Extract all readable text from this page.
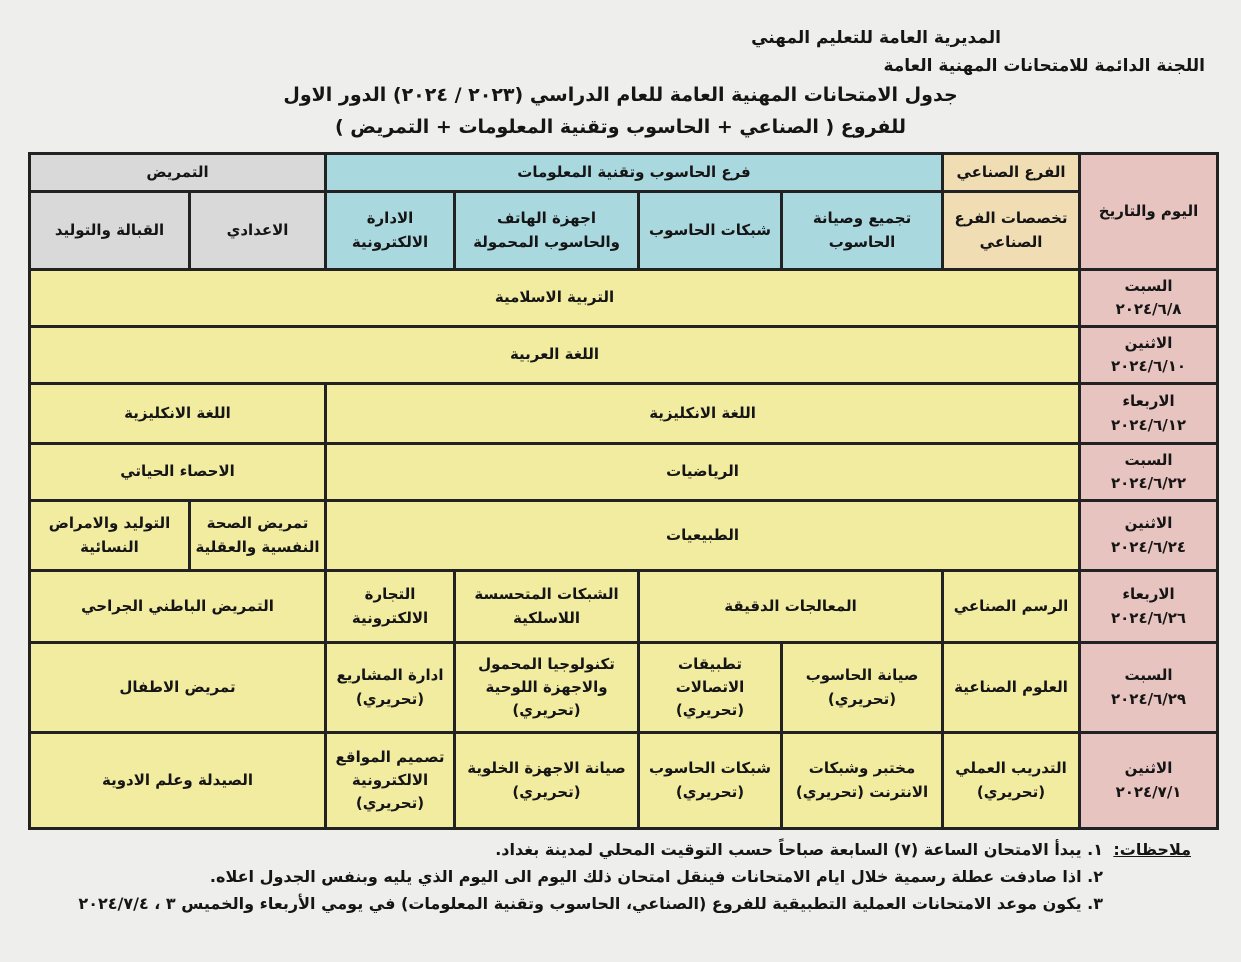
المديرية العامة للتعليم المهني
اللجنة الدائمة للامتحانات المهنية العامة
جدول الامتحانات المهنية العامة للعام الدراسي (٢٠٢٣ / ٢٠٢٤) الدور الاول
للفروع ( الصناعي + الحاسوب وتقنية المعلومات + التمريض )
اليوم والتاريخ	الفرع الصناعي	فرع الحاسوب وتقنية المعلومات				التمريض	
	تخصصات الفرع الصناعي	تجميع وصيانة الحاسوب	شبكات الحاسوب	اجهزة الهاتف والحاسوب المحمولة	الادارة الالكترونية	الاعدادي	القبالة والتوليد

السبت
٢٠٢٤/٦/٨	التربية الاسلامية						

الاثنين
٢٠٢٤/٦/١٠	اللغة العربية						

الاربعاء
٢٠٢٤/٦/١٢	اللغة الانكليزية					اللغة الانكليزية	

السبت
٢٠٢٤/٦/٢٢	الرياضيات					الاحصاء الحياتي	

الاثنين
٢٠٢٤/٦/٢٤	الطبيعيات					تمريض الصحة النفسية والعقلية	التوليد والامراض النسائية

الاربعاء
٢٠٢٤/٦/٢٦	الرسم الصناعي	المعالجات الدقيقة		الشبكات المتحسسة اللاسلكية	التجارة الالكترونية	التمريض الباطني الجراحي	

السبت
٢٠٢٤/٦/٢٩	العلوم الصناعية	صيانة الحاسوب (تحريري)	تطبيقات الاتصالات (تحريري)	تكنولوجيا المحمول والاجهزة اللوحية (تحريري)	ادارة المشاريع (تحريري)	تمريض الاطفال	

الاثنين
٢٠٢٤/٧/١	التدريب العملي (تحريري)	مختبر وشبكات الانترنت (تحريري)	شبكات الحاسوب (تحريري)	صيانة الاجهزة الخلوية (تحريري)	تصميم المواقع الالكترونية (تحريري)	الصيدلة وعلم الادوية	
ملاحظات:
١. يبدأ الامتحان الساعة (٧) السابعة صباحاً حسب التوقيت المحلي لمدينة بغداد.
٢. اذا صادفت عطلة رسمية خلال ايام الامتحانات فينقل امتحان ذلك اليوم الى اليوم الذي يليه وبنفس الجدول اعلاه.
٣. يكون موعد الامتحانات العملية التطبيقية للفروع (الصناعي، الحاسوب وتقنية المعلومات) في يومي الأربعاء والخميس ٣ ، ٢٠٢٤/٧/٤
